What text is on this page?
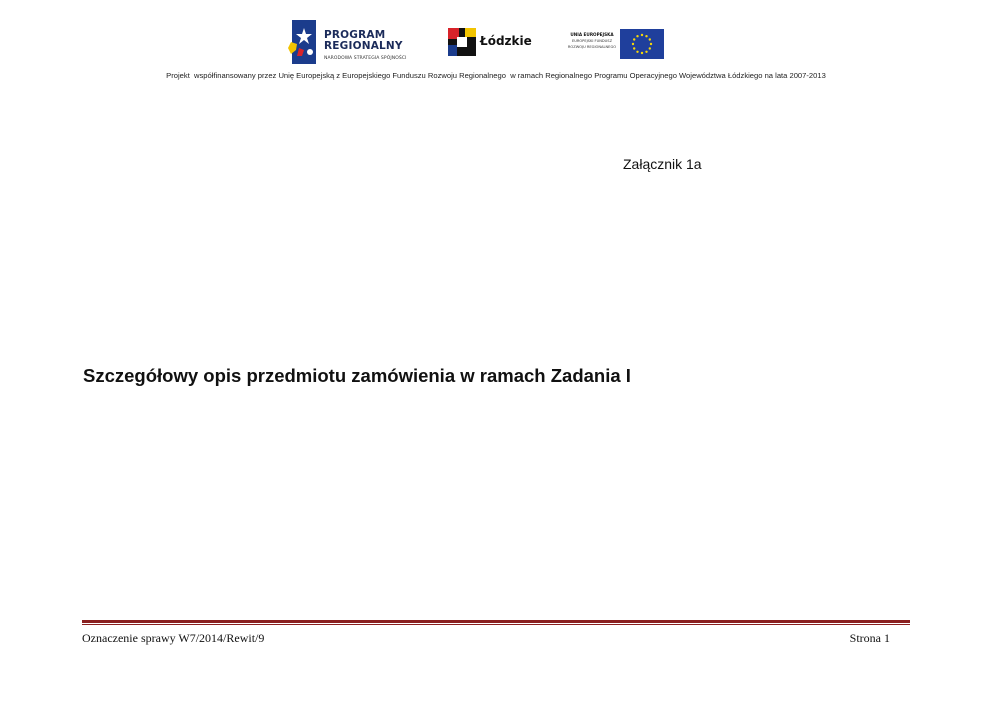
PROGRAM
REGIONALNY
NARODOWA STRATEGIA SPÓJNOŚCI
Łódzkie	UNIA EUROPEJSKA
EUROPEJSKI FUNDUSZ
ROZWOJU REGIONALNEGO
Projekt  współfinansowany przez Unię Europejską z Europejskiego Funduszu Rozwoju Regionalnego  w ramach Regionalnego Programu Operacyjnego Województwa Łódzkiego na lata 2007-2013
Załącznik 1a
Szczegółowy opis przedmiotu zamówienia w ramach Zadania I
Oznaczenie sprawy W7/2014/Rewit/9	Strona 1
